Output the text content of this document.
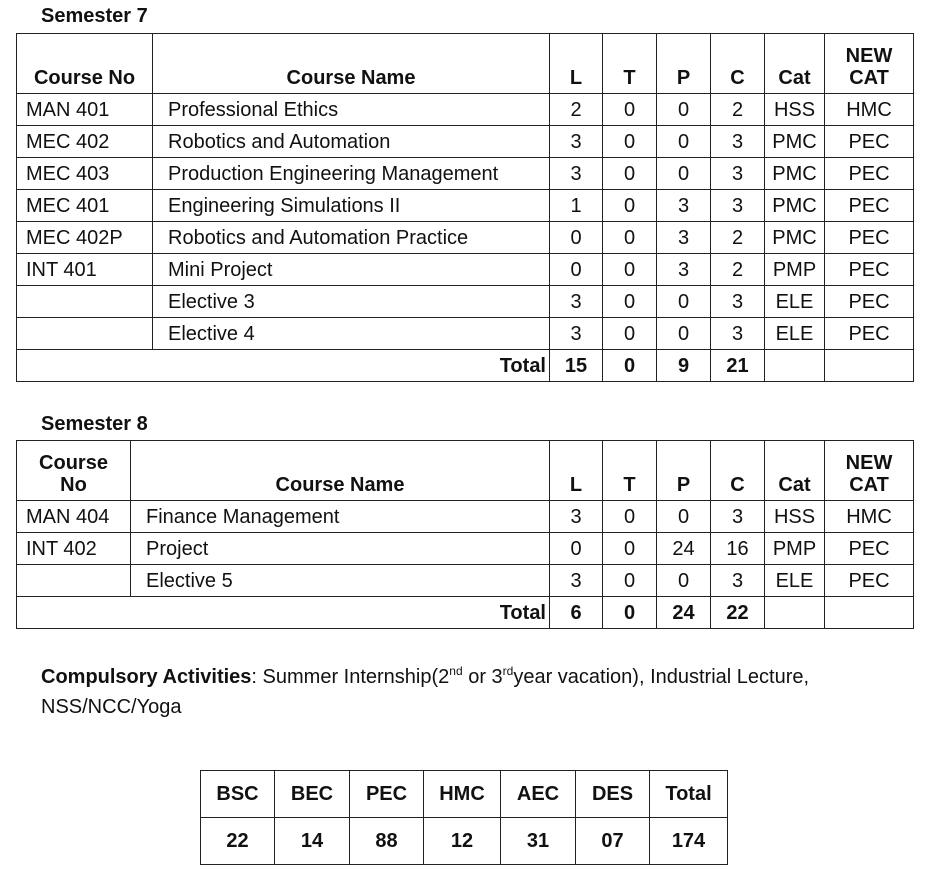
Semester 7
Course No	Course Name	L	T	P	C	Cat	NEW
CAT
MAN 401	Professional Ethics	2	0	0	2	HSS	HMC
MEC 402	Robotics and Automation	3	0	0	3	PMC	PEC
MEC 403	Production Engineering Management	3	0	0	3	PMC	PEC
MEC 401	Engineering Simulations II	1	0	3	3	PMC	PEC
MEC 402P	Robotics and Automation Practice	0	0	3	2	PMC	PEC
INT 401	Mini Project	0	0	3	2	PMP	PEC
	Elective 3	3	0	0	3	ELE	PEC
	Elective 4	3	0	0	3	ELE	PEC
Total		15	0	9	21		
Semester 8
Course
No	Course Name	L	T	P	C	Cat	NEW
CAT
MAN 404	Finance Management	3	0	0	3	HSS	HMC
INT 402	Project	0	0	24	16	PMP	PEC
	Elective 5	3	0	0	3	ELE	PEC
Total		6	0	24	22		
Compulsory Activities: Summer Internship(2nd or 3rdyear vacation), Industrial Lecture, NSS/NCC/Yoga
BSC	BEC	PEC	HMC	AEC	DES	Total
22	14	88	12	31	07	174
